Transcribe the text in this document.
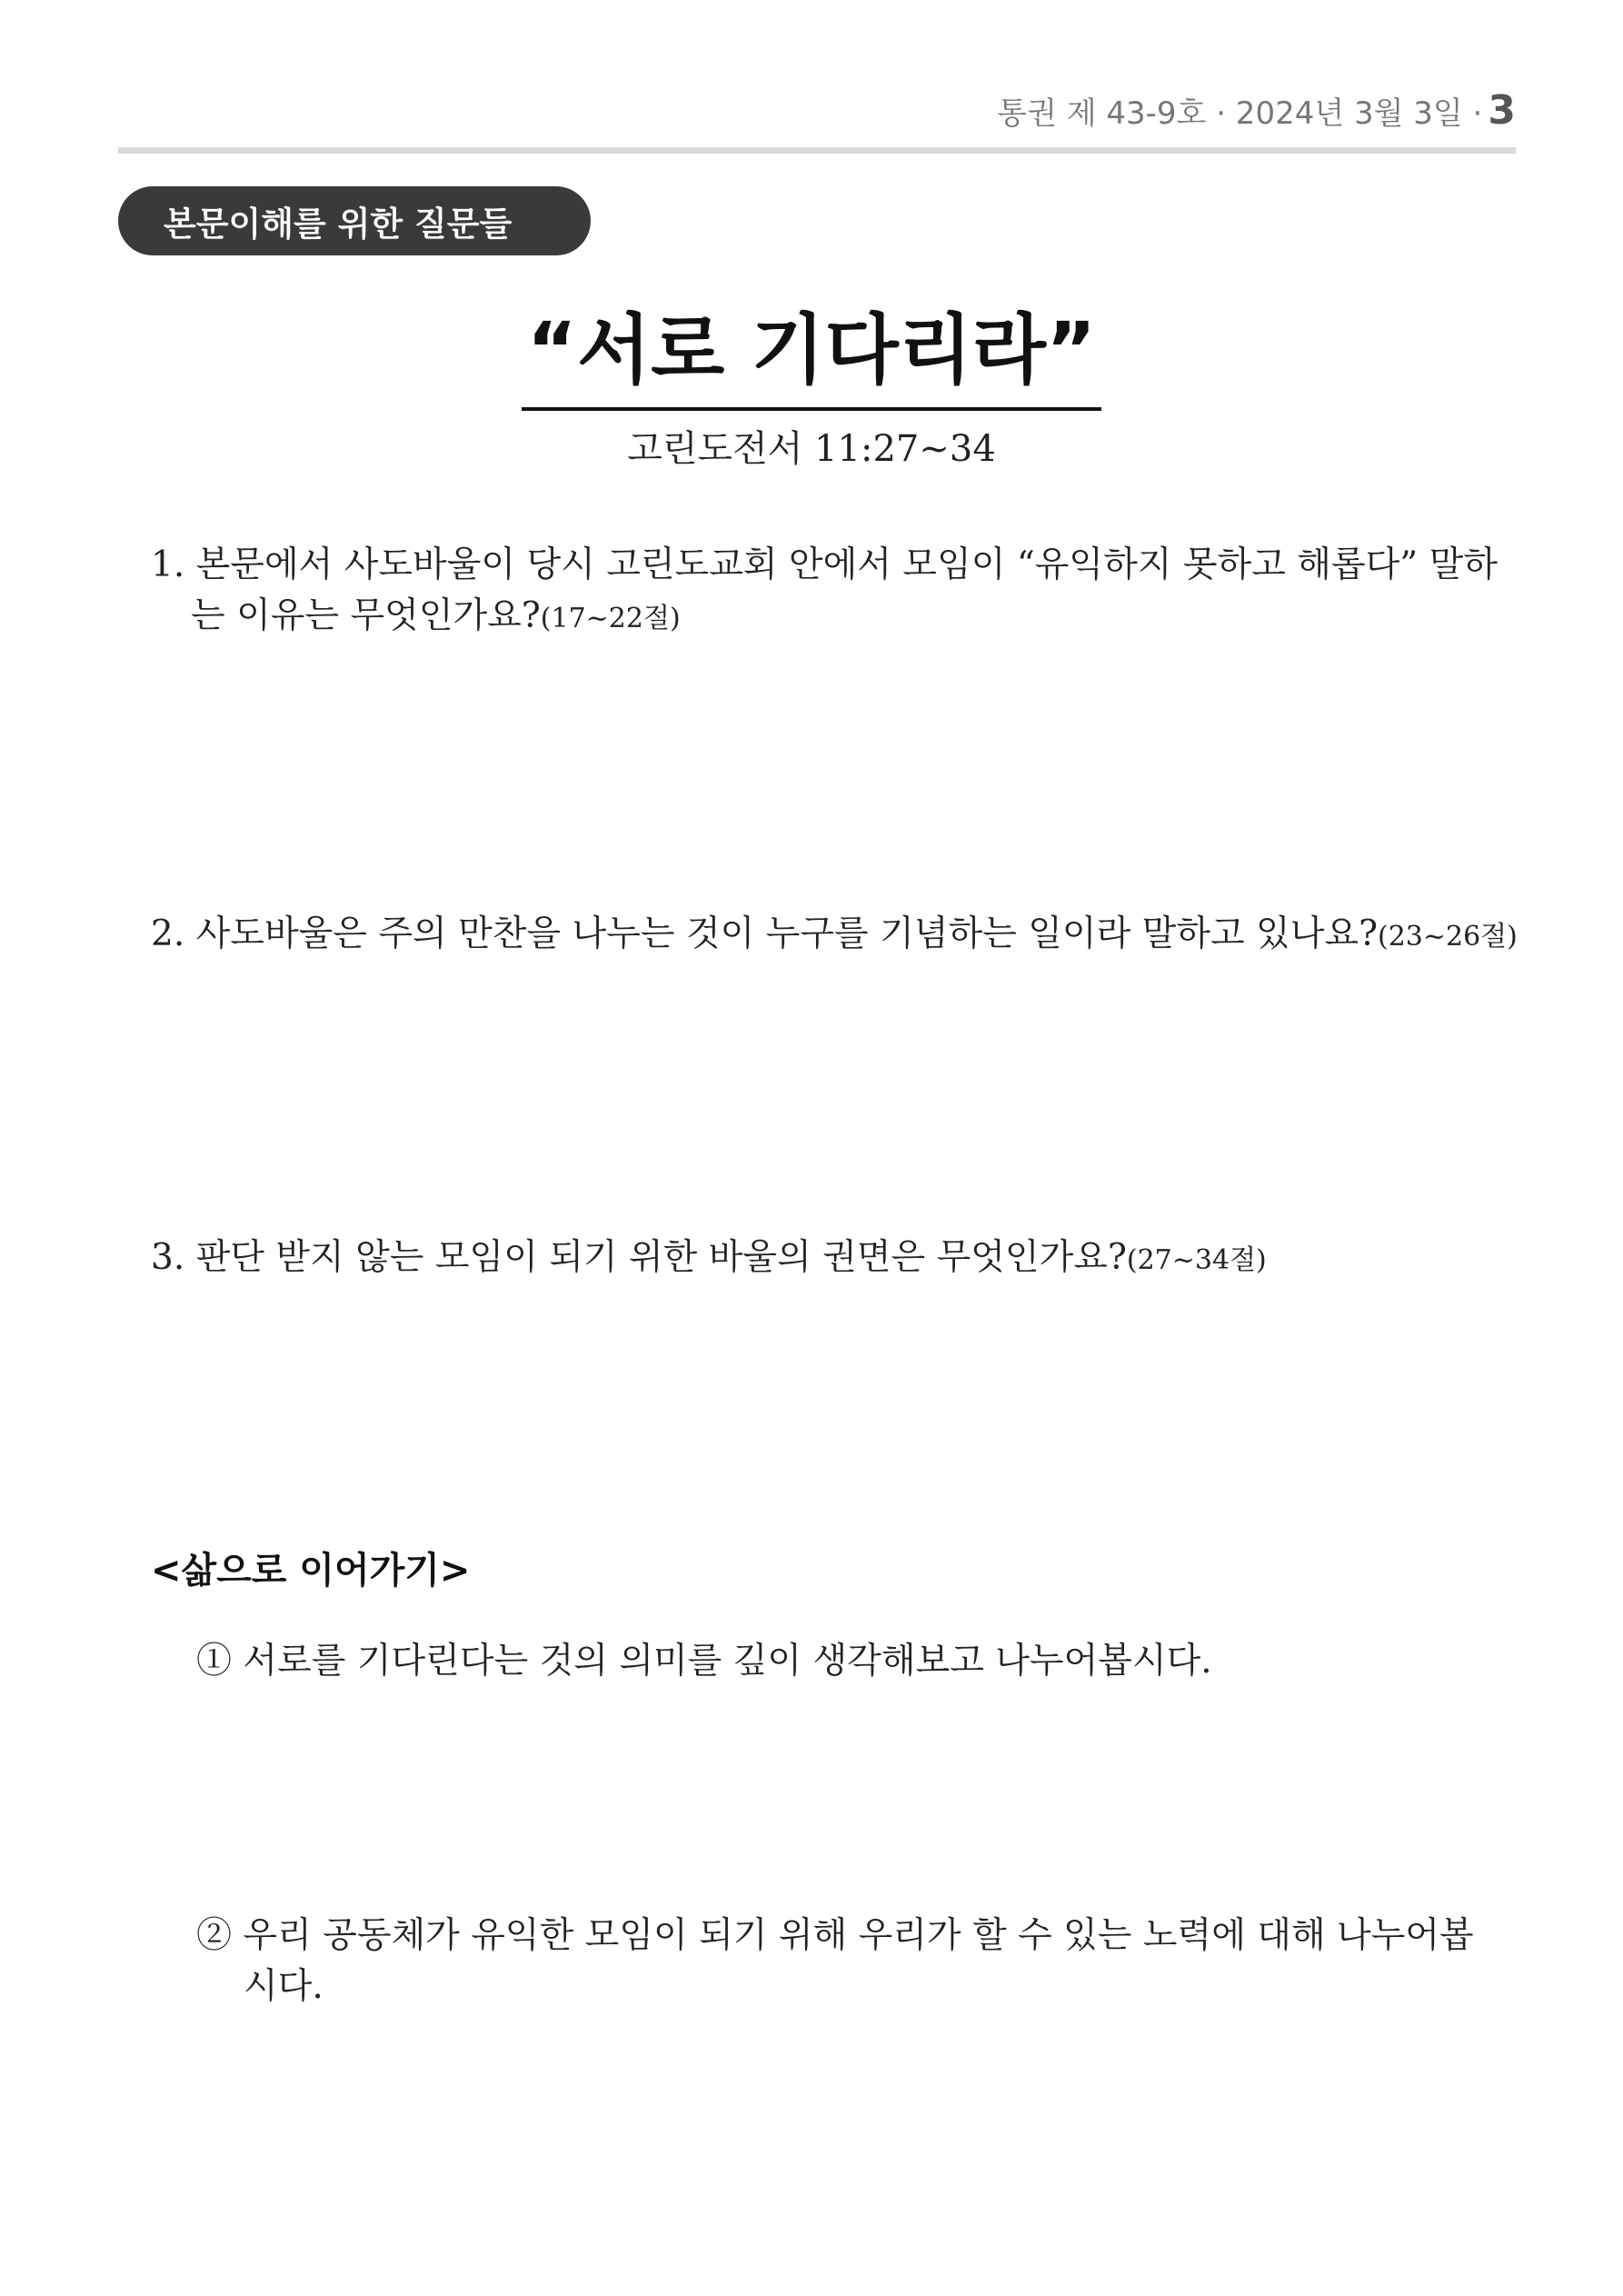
통권 제 43-9호 · 2024년 3월 3일 · 3
본문이해를 위한 질문들
“서로 기다리라”
고린도전서 11:27~34
1. 본문에서 사도바울이 당시 고린도교회 안에서 모임이 “유익하지 못하고 해롭다” 말하는 이유는 무엇인가요?(17~22절)
2. 사도바울은 주의 만찬을 나누는 것이 누구를 기념하는 일이라 말하고 있나요?(23~26절)
3. 판단 받지 않는 모임이 되기 위한 바울의 권면은 무엇인가요?(27~34절)
<삶으로 이어가기>
① 서로를 기다린다는 것의 의미를 깊이 생각해보고 나누어봅시다.
② 우리 공동체가 유익한 모임이 되기 위해 우리가 할 수 있는 노력에 대해 나누어봅시다.
